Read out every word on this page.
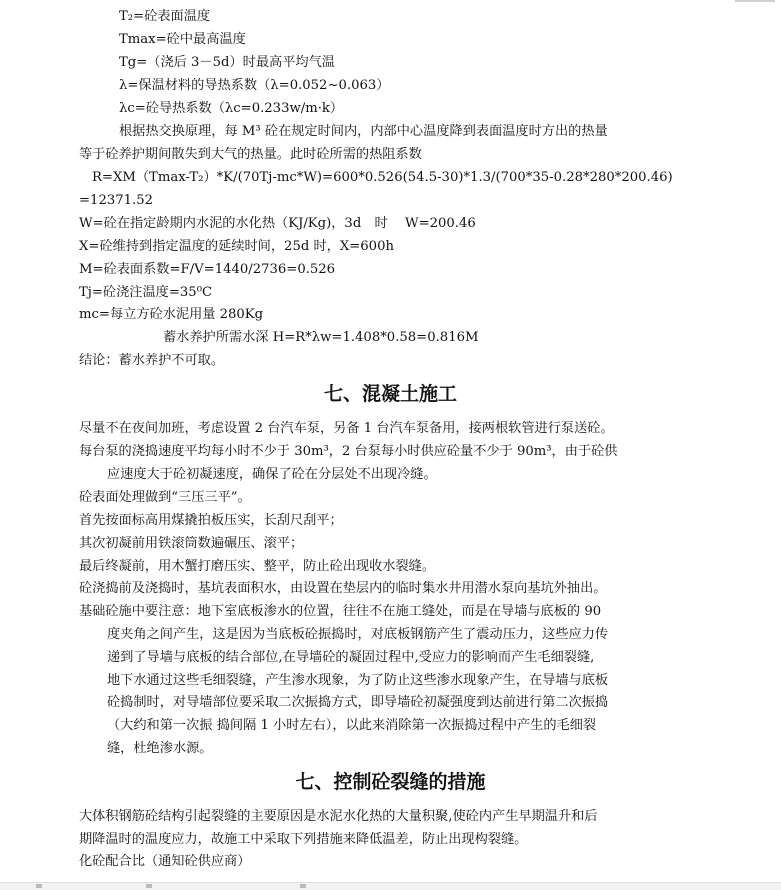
T₂=砼表面温度
Tmax=砼中最高温度
Tg=（浇后 3－5d）时最高平均气温
λ=保温材料的导热系数（λ=0.052~0.063）
λc=砼导热系数（λc=0.233w/m·k）
根据热交换原理，每 M³ 砼在规定时间内，内部中心温度降到表面温度时方出的热量
等于砼养护期间散失到大气的热量。此时砼所需的热阻系数
R=XM（Tmax-T₂）*K/(70Tj-mc*W)=600*0.526(54.5-30)*1.3/(700*35-0.28*280*200.46)
=12371.52
W=砼在指定龄期内水泥的水化热（KJ/Kg)，3d　时　 W=200.46
X=砼维持到指定温度的延续时间，25d 时，X=600h
M=砼表面系数=F/V=1440/2736=0.526
Tj=砼浇注温度=35⁰C
mc=每立方砼水泥用量 280Kg
蓄水养护所需水深 H=R*λw=1.408*0.58=0.816M
结论：蓄水养护不可取。
尽量不在夜间加班，考虑设置 2 台汽车泵，另备 1 台汽车泵备用，接两根软管进行泵送砼。
每台泵的浇捣速度平均每小时不少于 30m³，2 台泵每小时供应砼量不少于 90m³，由于砼供
应速度大于砼初凝速度，确保了砼在分层处不出现冷缝。
砼表面处理做到“三压三平”。
首先按面标高用煤撬拍板压实，长刮尺刮平；
其次初凝前用铁滚筒数遍碾压、滚平；
最后终凝前，用木蟹打磨压实、整平，防止砼出现收水裂缝。
砼浇捣前及浇捣时，基坑表面积水，由设置在垫层内的临时集水井用潜水泵向基坑外抽出。
基础砼施中要注意：地下室底板渗水的位置，往往不在施工缝处，而是在导墙与底板的 90
度夹角之间产生，这是因为当底板砼振捣时，对底板钢筋产生了震动压力，这些应力传
递到了导墙与底板的结合部位,在导墙砼的凝固过程中,受应力的影响而产生毛细裂缝,
地下水通过这些毛细裂缝，产生渗水现象，为了防止这些渗水现象产生，在导墙与底板
砼捣制时，对导墙部位要采取二次振捣方式，即导墙砼初凝强度到达前进行第二次振捣
（大约和第一次振 捣间隔 1 小时左右），以此来消除第一次振捣过程中产生的毛细裂
缝，杜绝渗水源。
大体积钢筋砼结构引起裂缝的主要原因是水泥水化热的大量积聚,使砼内产生早期温升和后
期降温时的温度应力，故施工中采取下列措施来降低温差，防止出现构裂缝。
化砼配合比（通知砼供应商）
七、混凝土施工
七、控制砼裂缝的措施
